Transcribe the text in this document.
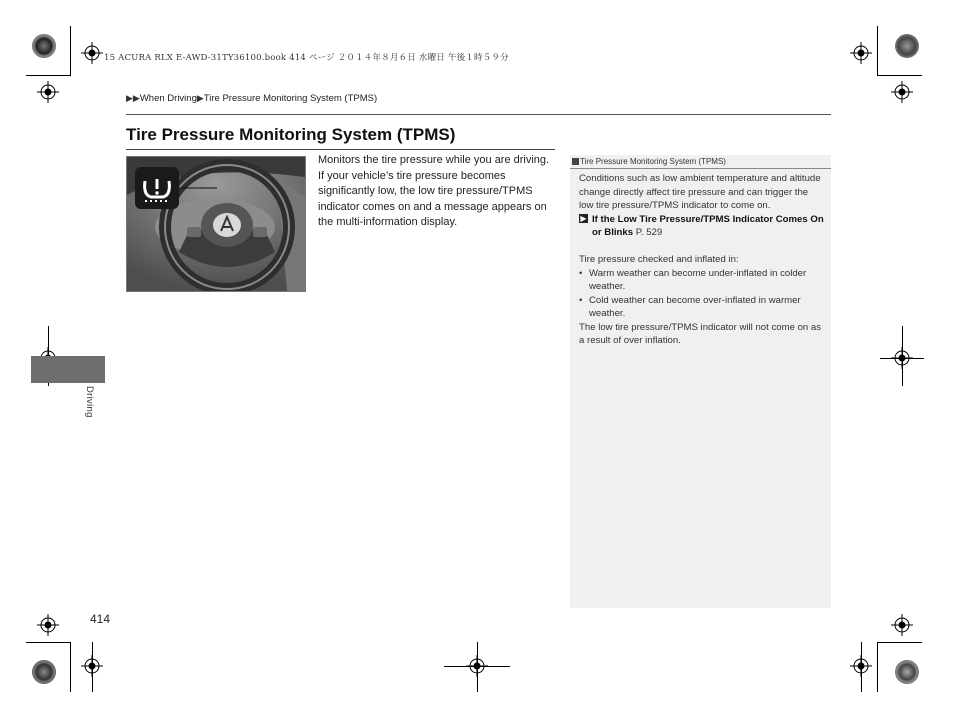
15 ACURA RLX E-AWD-31TY36100.book 414 ページ ２０１４年８月６日 水曜日 午後１時５９分
▶▶When Driving▶Tire Pressure Monitoring System (TPMS)
Tire Pressure Monitoring System (TPMS)
Monitors the tire pressure while you are driving. If your vehicle’s tire pressure becomes significantly low, the low tire pressure/TPMS indicator comes on and a message appears on the multi-information display.
Tire Pressure Monitoring System (TPMS)

Conditions such as low ambient temperature and altitude change directly affect tire pressure and can trigger the low tire pressure/TPMS indicator to come on.

▶ If the Low Tire Pressure/TPMS Indicator Comes On or Blinks P. 529

Tire pressure checked and inflated in:

• Warm weather can become under-inflated in colder weather.
• Cold weather can become over-inflated in warmer weather.

The low tire pressure/TPMS indicator will not come on as a result of over inflation.

Driving
414
